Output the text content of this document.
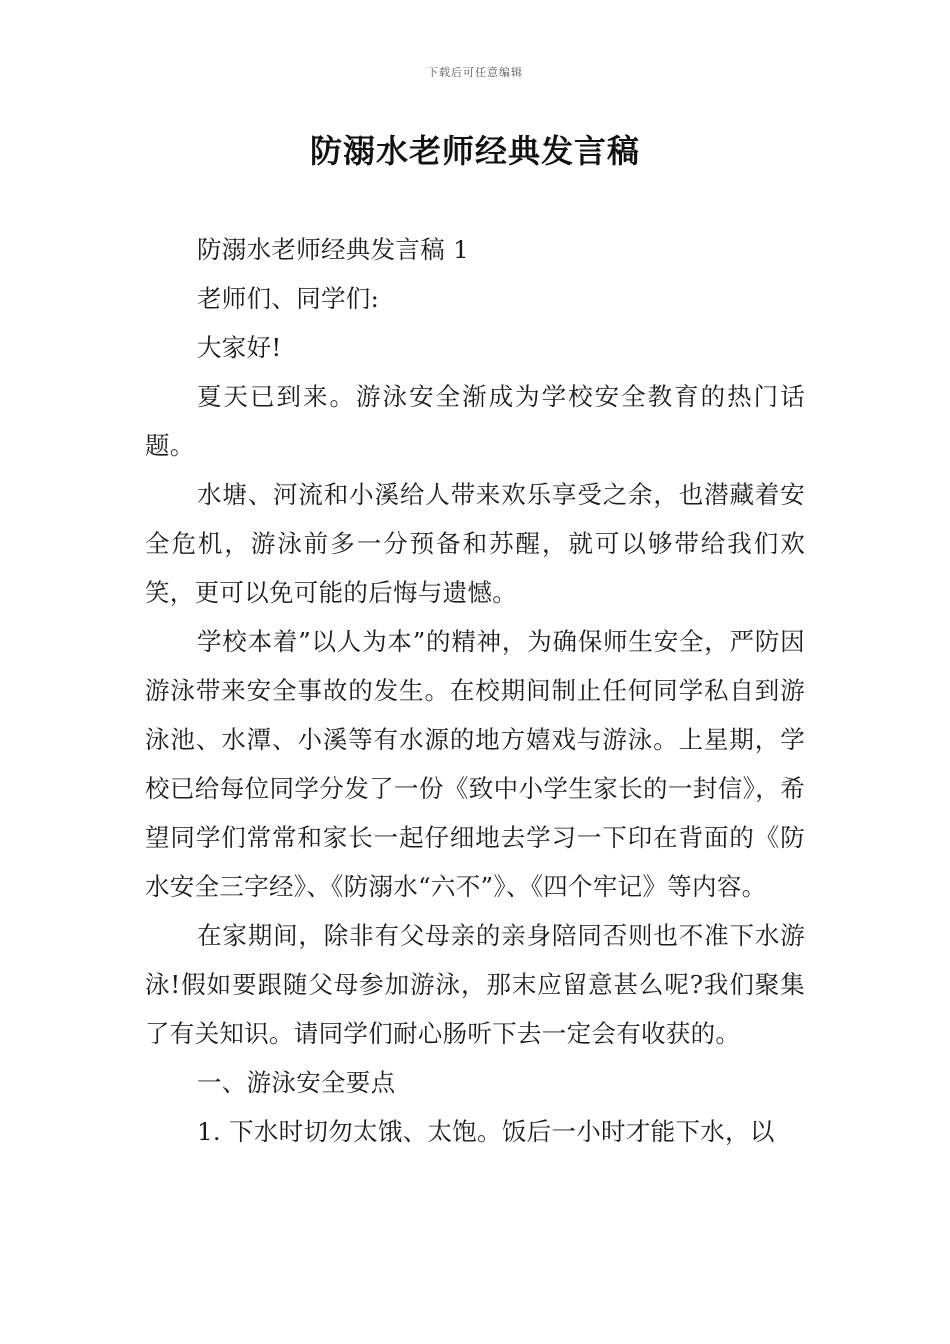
下载后可任意编辑
防溺水老师经典发言稿

防溺水老师经典发言稿 1

老师们、同学们:

大家好!

夏天已到来。游泳安全渐成为学校安全教育的热门话题。

水塘、河流和小溪给人带来欢乐享受之余，也潜藏着安全危机，游泳前多一分预备和苏醒，就可以够带给我们欢笑，更可以免可能的后悔与遗憾。

学校本着”以人为本”的精神，为确保师生安全，严防因游泳带来安全事故的发生。在校期间制止任何同学私自到游泳池、水潭、小溪等有水源的地方嬉戏与游泳。上星期，学校已给每位同学分发了一份《致中小学生家长的一封信》，希望同学们常常和家长一起仔细地去学习一下印在背面的《防水安全三字经》、《防溺水“六不”》、《四个牢记》等内容。

在家期间，除非有父母亲的亲身陪同否则也不准下水游泳!假如要跟随父母参加游泳，那末应留意甚么呢?我们聚集了有关知识。请同学们耐心肠听下去一定会有收获的。

一、游泳安全要点

1. 下水时切勿太饿、太饱。饭后一小时才能下水，以
